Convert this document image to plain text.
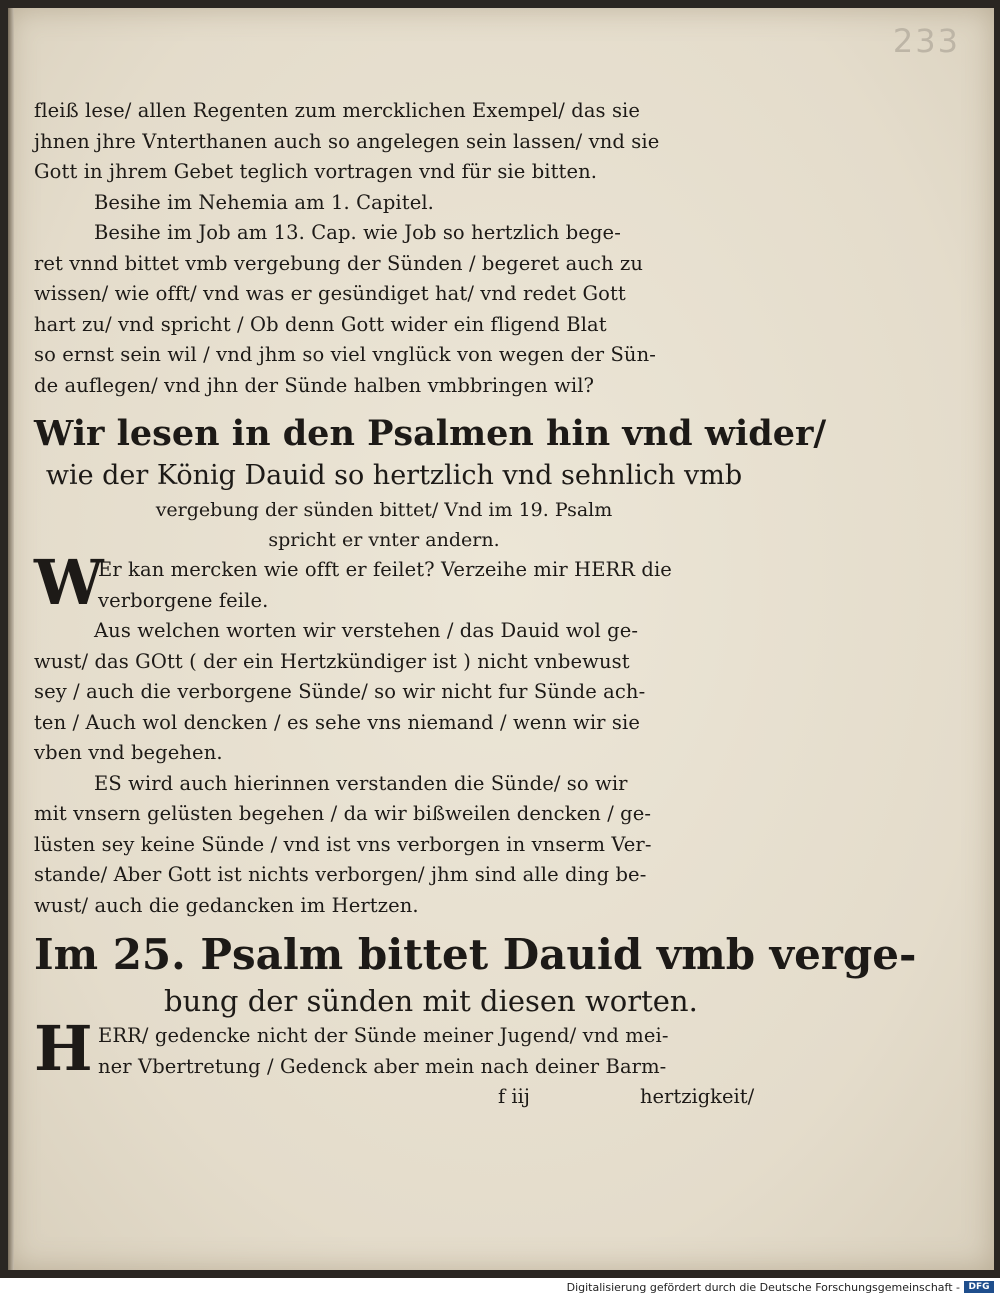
233
fleiß lese/ allen Regenten zum mercklichen Exempel/ das sie
jhnen jhre Vnterthanen auch so angelegen sein lassen/ vnd sie
Gott in jhrem Gebet teglich vortragen vnd für sie bitten.
Besihe im Nehemia am 1. Capitel.
Besihe im Job am 13. Cap. wie Job so hertzlich bege-
ret vnnd bittet vmb vergebung der Sünden / begeret auch zu
wissen/ wie offt/ vnd was er gesündiget hat/ vnd redet Gott
hart zu/ vnd spricht / Ob denn Gott wider ein fligend Blat
so ernst sein wil / vnd jhm so viel vnglück von wegen der Sün-
de auflegen/ vnd jhn der Sünde halben vmbbringen wil?
Wir lesen in den Psalmen hin vnd wider/
wie der König Dauid so hertzlich vnd sehnlich vmb
vergebung der sünden bittet/ Vnd im 19. Psalm
spricht er vnter andern.
W
Er kan mercken wie offt er feilet? Verzeihe mir HERR die
verborgene feile.
Aus welchen worten wir verstehen / das Dauid wol ge-
wust/ das GOtt ( der ein Hertzkündiger ist ) nicht vnbewust
sey / auch die verborgene Sünde/ so wir nicht fur Sünde ach-
ten / Auch wol dencken / es sehe vns niemand / wenn wir sie
vben vnd begehen.
ES wird auch hierinnen verstanden die Sünde/ so wir
mit vnsern gelüsten begehen / da wir bißweilen dencken / ge-
lüsten sey keine Sünde / vnd ist vns verborgen in vnserm Ver-
stande/ Aber Gott ist nichts verborgen/ jhm sind alle ding be-
wust/ auch die gedancken im Hertzen.
Im 25. Psalm bittet Dauid vmb verge-
bung der sünden mit diesen worten.
H ERR/ gedencke nicht der Sünde meiner Jugend/ vnd mei-
ner Vbertretung / Gedenck aber mein nach deiner Barm-
f iij	hertzigkeit/
Digitalisierung gefördert durch die Deutsche Forschungsgemeinschaft - DFG
